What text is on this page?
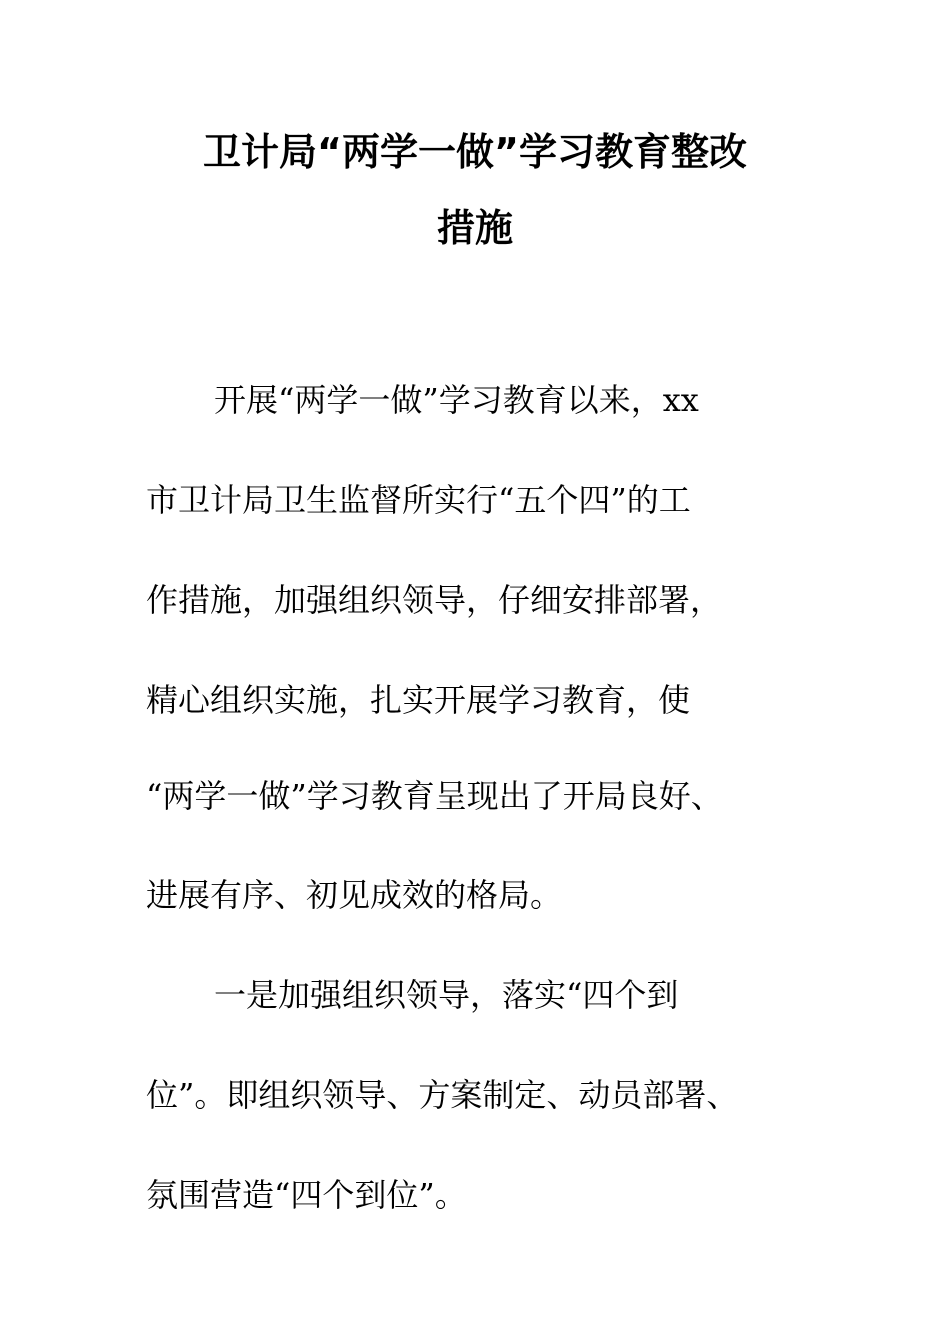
卫计局“两学一做”学习教育整改
措施
开展“两学一做”学习教育以来，xx
市卫计局卫生监督所实行“五个四”的工
作措施，加强组织领导，仔细安排部署，
精心组织实施，扎实开展学习教育，使
“两学一做”学习教育呈现出了开局良好、
进展有序、初见成效的格局。
一是加强组织领导，落实“四个到
位”。即组织领导、方案制定、动员部署、
氛围营造“四个到位”。
